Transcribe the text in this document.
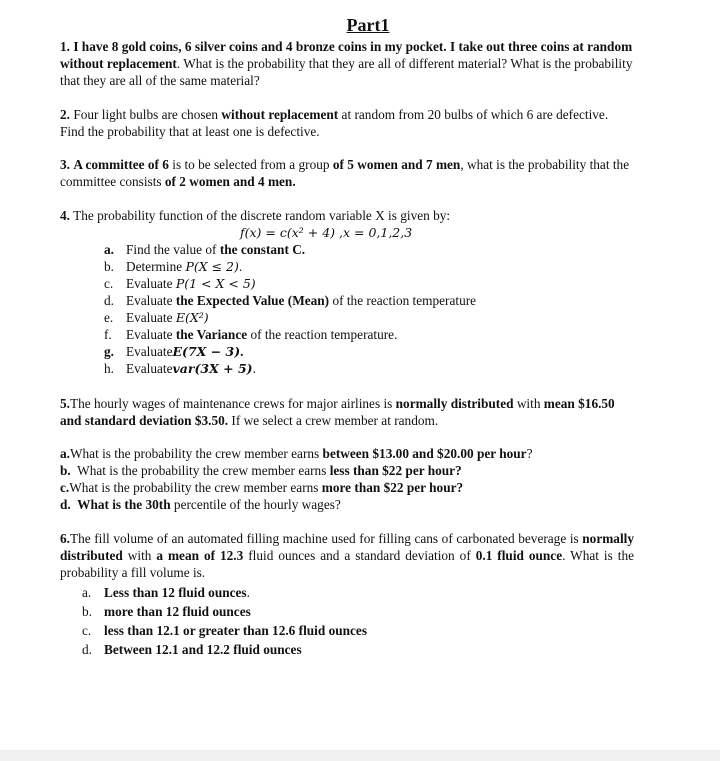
Part1

1. I have 8 gold coins, 6 silver coins and 4 bronze coins in my pocket. I take out three coins at random without replacement. What is the probability that they are all of different material? What is the probability that they are all of the same material?

2. Four light bulbs are chosen without replacement at random from 20 bulbs of which 6 are defective. Find the probability that at least one is defective.

3. A committee of 6 is to be selected from a group of 5 women and 7 men, what is the probability that the committee consists of 2 women and 4 men.

4. The probability function of the discrete random variable X is given by:

f(x) = c(x² + 4) ,x = 0,1,2,3
a. Find the value of the constant C.
b. Determine P(X ≤ 2).
c. Evaluate P(1 < X < 5)
d. Evaluate the Expected Value (Mean) of the reaction temperature
e. Evaluate E(X²)
f.	Evaluate the Variance of the reaction temperature.
g. EvaluateE(7X − 3).
h. Evaluatevar(3X + 5).

5.The hourly wages of maintenance crews for major airlines is normally distributed with mean $16.50 and standard deviation $3.50. If we select a crew member at random.

a.What is the probability the crew member earns between $13.00 and $20.00 per hour?
b.  What is the probability the crew member earns less than $22 per hour?
c.What is the probability the crew member earns more than $22 per hour?
d.  What is the 30th percentile of the hourly wages?

6.The fill volume of an automated filling machine used for filling cans of carbonated beverage is normally distributed with a mean of 12.3 fluid ounces and a standard deviation of 0.1 fluid ounce. What is the probability a fill volume is.

a. Less than 12 fluid ounces.
b. more than 12 fluid ounces
c. less than 12.1 or greater than 12.6 fluid ounces
d. Between 12.1 and 12.2 fluid ounces
